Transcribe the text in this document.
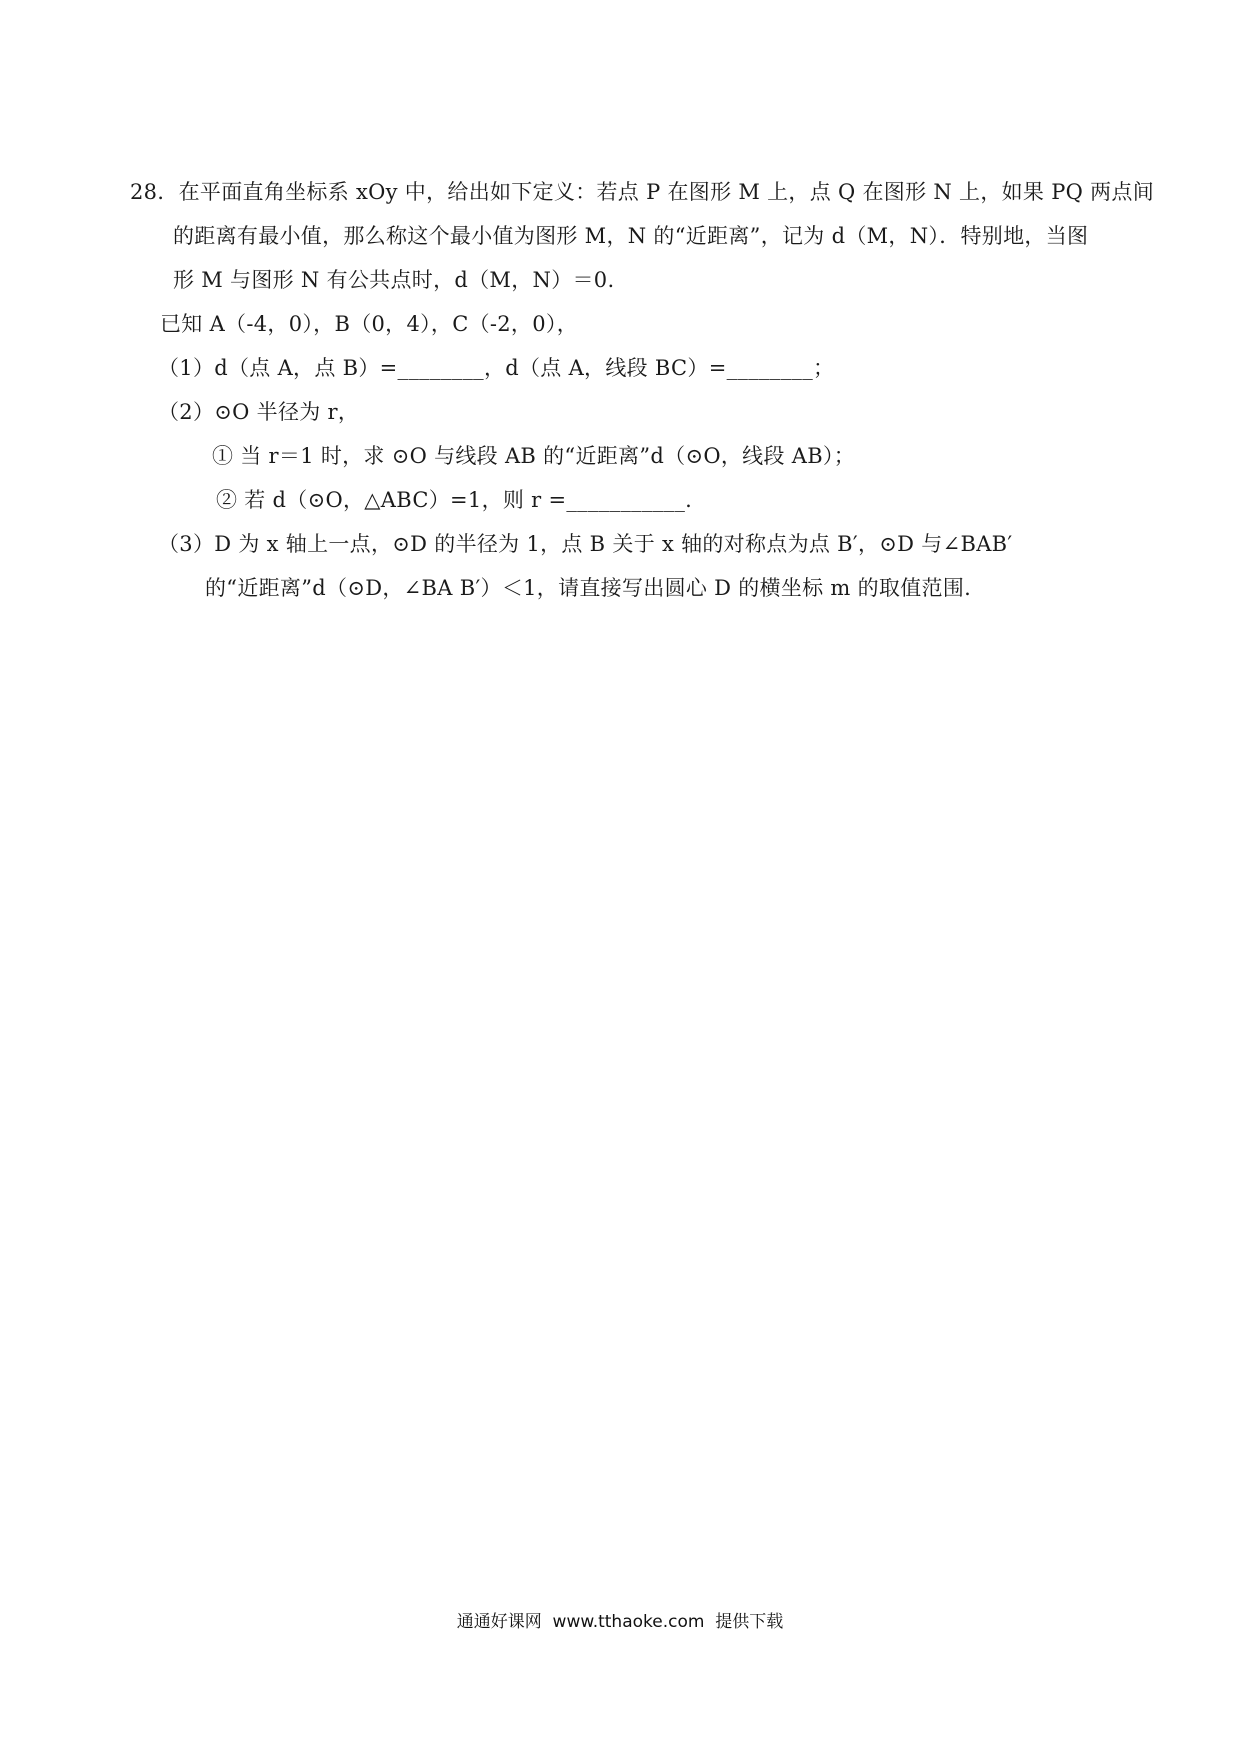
28．在平面直角坐标系 xOy 中，给出如下定义：若点 P 在图形 M 上，点 Q 在图形 N 上，如果 PQ 两点间
的距离有最小值，那么称这个最小值为图形 M，N 的“近距离”，记为 d（M，N）．特别地，当图
形 M 与图形 N 有公共点时，d（M，N）＝0.
已知 A（-4，0），B（0，4），C（-2，0），
（1）d（点 A，点 B）=________，d（点 A，线段 BC）=________；
（2）⊙O 半径为 r，
① 当 r＝1 时，求 ⊙O 与线段 AB 的“近距离”d（⊙O，线段 AB）；
② 若 d（⊙O，△ABC）=1，则 r =___________.
（3）D 为 x 轴上一点，⊙D 的半径为 1，点 B 关于 x 轴的对称点为点 B′，⊙D 与∠BAB′
的“近距离”d（⊙D，∠BA B′）＜1，请直接写出圆心 D 的横坐标 m 的取值范围.
通通好课网  www.tthaoke.com  提供下载
